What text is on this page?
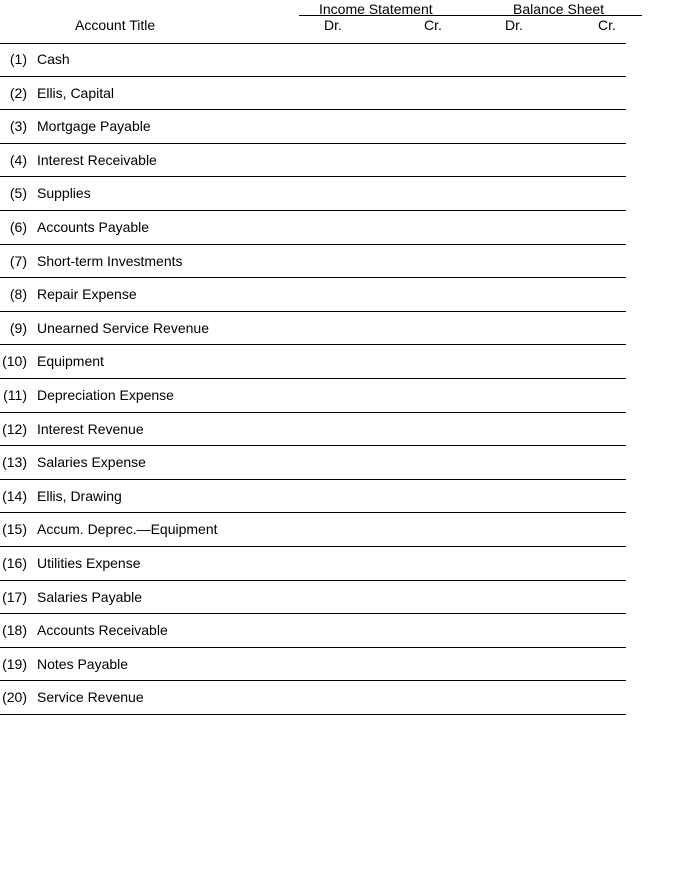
Income Statement	Balance Sheet
Account Title	Dr.	Cr.	Dr.	Cr.
(1) Cash
(2) Ellis, Capital
(3) Mortgage Payable
(4) Interest Receivable
(5) Supplies
(6) Accounts Payable
(7) Short-term Investments
(8) Repair Expense
(9) Unearned Service Revenue
(10) Equipment
(11) Depreciation Expense
(12) Interest Revenue
(13) Salaries Expense
(14) Ellis, Drawing
(15) Accum. Deprec.—Equipment
(16) Utilities Expense
(17) Salaries Payable
(18) Accounts Receivable
(19) Notes Payable
(20) Service Revenue
